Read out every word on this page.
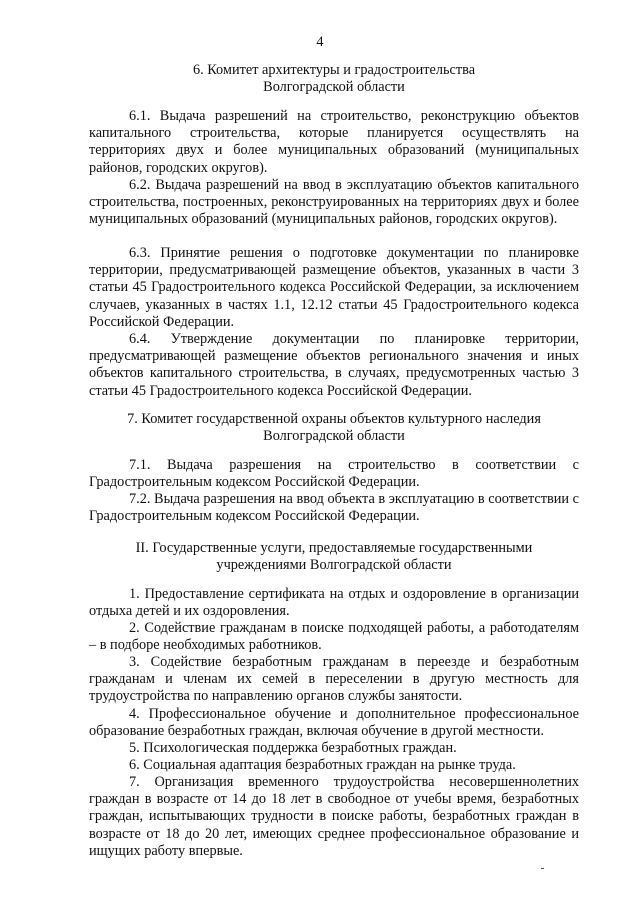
4
6. Комитет архитектуры и градостроительства
Волгоградской области
6.1. Выдача разрешений на строительство, реконструкцию объектов капитального строительства, которые планируется осуществлять на территориях двух и более муниципальных образований (муниципальных районов, городских округов).
6.2. Выдача разрешений на ввод в эксплуатацию объектов капитального строительства, построенных, реконструированных на территориях двух и более муниципальных образований (муниципальных районов, городских округов).
6.3. Принятие решения о подготовке документации по планировке территории, предусматривающей размещение объектов, указанных в части 3 статьи 45 Градостроительного кодекса Российской Федерации, за исключением случаев, указанных в частях 1.1, 12.12 статьи 45 Градостроительного кодекса Российской Федерации.
6.4. Утверждение документации по планировке территории, предусматривающей размещение объектов регионального значения и иных объектов капитального строительства, в случаях, предусмотренных частью 3 статьи 45 Градостроительного кодекса Российской Федерации.
7. Комитет государственной охраны объектов культурного наследия
Волгоградской области
7.1. Выдача разрешения на строительство в соответствии с Градостроительным кодексом Российской Федерации.
7.2. Выдача разрешения на ввод объекта в эксплуатацию в соответствии с Градостроительным кодексом Российской Федерации.
II. Государственные услуги, предоставляемые государственными
учреждениями Волгоградской области
1. Предоставление сертификата на отдых и оздоровление в организации отдыха детей и их оздоровления.
2. Содействие гражданам в поиске подходящей работы, а работодателям – в подборе необходимых работников.
3. Содействие безработным гражданам в переезде и безработным гражданам и членам их семей в переселении в другую местность для трудоустройства по направлению органов службы занятости.
4. Профессиональное обучение и дополнительное профессиональное образование безработных граждан, включая обучение в другой местности.
5. Психологическая поддержка безработных граждан.
6. Социальная адаптация безработных граждан на рынке труда.
7. Организация временного трудоустройства несовершеннолетних граждан в возрасте от 14 до 18 лет в свободное от учебы время, безработных граждан, испытывающих трудности в поиске работы, безработных граждан в возрасте от 18 до 20 лет, имеющих среднее профессиональное образование и ищущих работу впервые.
